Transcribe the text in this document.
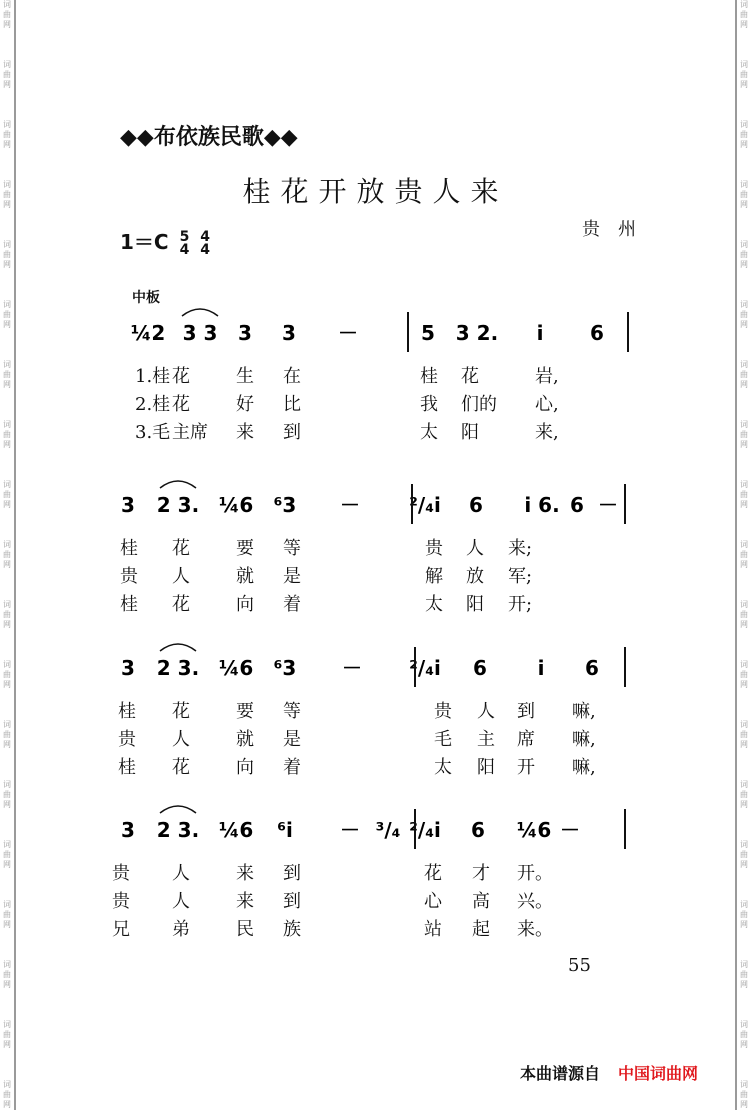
词
曲
网
词
曲
网
词
曲
网
词
曲
网
词
曲
网
词
曲
网
词
曲
网
词
曲
网
词
曲
网
词
曲
网
词
曲
网
词
曲
网
词
曲
网
词
曲
网
词
曲
网
词
曲
网
词
曲
网
词
曲
网
词
曲
网
词
曲
网
词
曲
网
词
曲
网
词
曲
网
词
曲
网
词
曲
网
词
曲
网
词
曲
网
词
曲
网
词
曲
网
词
曲
网
词
曲
网
词
曲
网
词
曲
网
词
曲
网
词
曲
网
词
曲
网
词
曲
网
词
曲
网
◆◆布依族民歌◆◆
桂花开放贵人来
1＝C 5
4 4
4
贵州
中板
¼2 3 3 3 3 －	5 3 2. i 6
3 2 3. ¼6 ⁶3 － ²/₄i 6 i 6. 6 －
3 2 3. ¼6 ⁶3 － ²/₄i 6	i 6
3 2 3. ¼6 ⁶i － ³/₄ ²/₄i 6 ¼6 －
1.桂 花	生 在	桂 花	岩,
2.桂 花	好 比	我 们的 心,
3.毛 主席 来 到	太 阳	来,
桂 花	要 等	贵 人 来;
贵 人	就 是	解 放 军;
桂 花	向 着	太 阳 开;
桂 花	要 等	贵 人 到 嘛,
贵 人	就 是	毛 主 席 嘛,
桂 花	向 着	太 阳 开 嘛,
贵 人	来 到	花 才 开。
贵 人	来 到	心 高 兴。
兄 弟	民 族	站 起 来。
55
本曲谱源自 中国词曲网
